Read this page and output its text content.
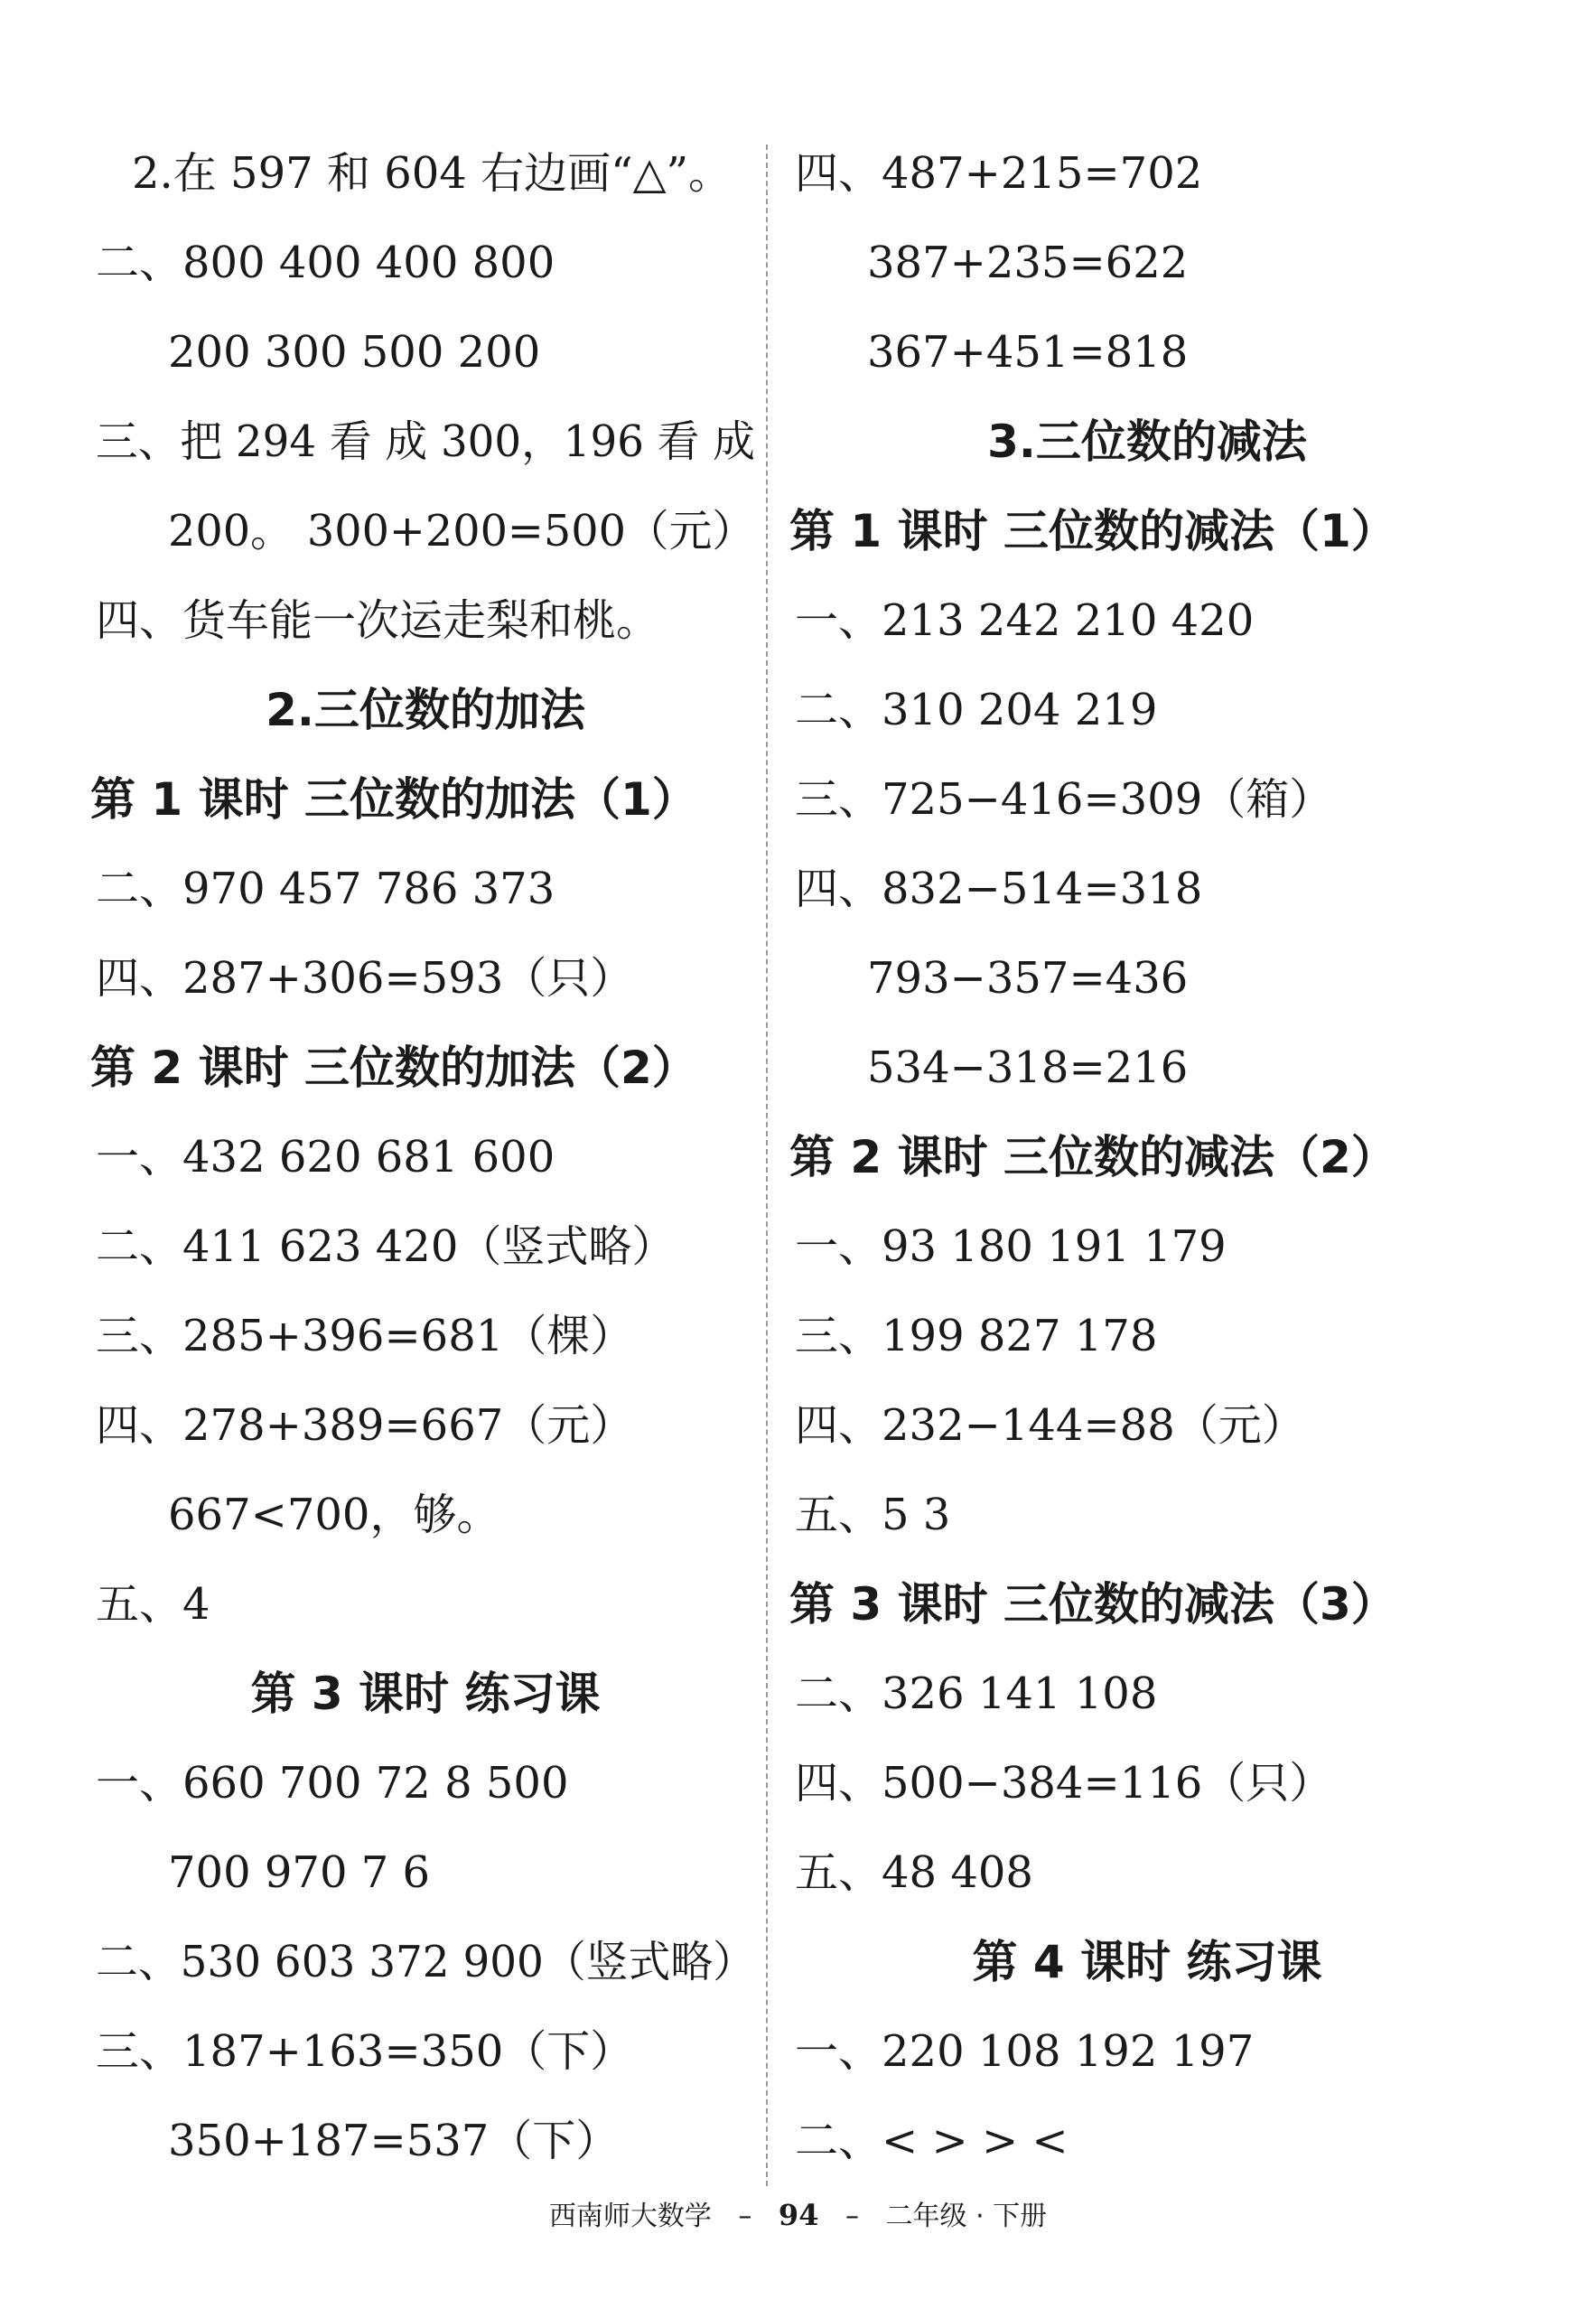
2.在 597 和 604 右边画“△”。
二、800 400 400 800
200 300 500 200
三、把 294 看 成 300，196 看 成
200。 300+200=500（元）
四、货车能一次运走梨和桃。
2.三位数的加法
第 1 课时 三位数的加法（1）
二、970 457 786 373
四、287+306=593（只）
第 2 课时 三位数的加法（2）
一、432 620 681 600
二、411 623 420（竖式略）
三、285+396=681（棵）
四、278+389=667（元）
667<700，够。
五、4
第 3 课时 练习课
一、660 700 72 8 500
700 970 7 6
二、530 603 372 900（竖式略）
三、187+163=350（下）
350+187=537（下）
四、487+215=702
387+235=622
367+451=818
3.三位数的减法
第 1 课时 三位数的减法（1）
一、213 242 210 420
二、310 204 219
三、725−416=309（箱）
四、832−514=318
793−357=436
534−318=216
第 2 课时 三位数的减法（2）
一、93 180 191 179
三、199 827 178
四、232−144=88（元）
五、5 3
第 3 课时 三位数的减法（3）
二、326 141 108
四、500−384=116（只）
五、48 408
第 4 课时 练习课
一、220 108 192 197
二、< > > <
西南师大数学 – 94 – 二年级 · 下册
